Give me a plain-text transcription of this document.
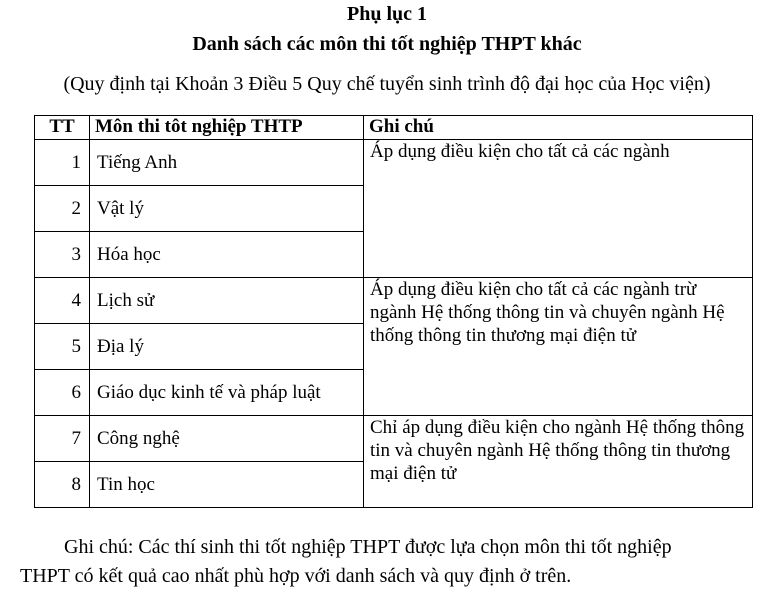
Phụ lục 1
Danh sách các môn thi tốt nghiệp THPT khác
(Quy định tại Khoản 3 Điều 5 Quy chế tuyển sinh trình độ đại học của Học viện)
TT	Môn thi tôt nghiệp THTP	Ghi chú
1	Tiếng Anh	Áp dụng điều kiện cho tất cả các ngành
2	Vật lý	
3	Hóa học	
4	Lịch sử	Áp dụng điều kiện cho tất cả các ngành trừ ngành Hệ thống thông tin và chuyên ngành Hệ thống thông tin thương mại điện tử
5	Địa lý	
6	Giáo dục kinh tế và pháp luật	
7	Công nghệ	Chỉ áp dụng điều kiện cho ngành Hệ thống thông tin và chuyên ngành Hệ thống thông tin thương mại điện tử
8	Tin học	
Ghi chú: Các thí sinh thi tốt nghiệp THPT được lựa chọn môn thi tốt nghiệp
THPT có kết quả cao nhất phù hợp với danh sách và quy định ở trên.
